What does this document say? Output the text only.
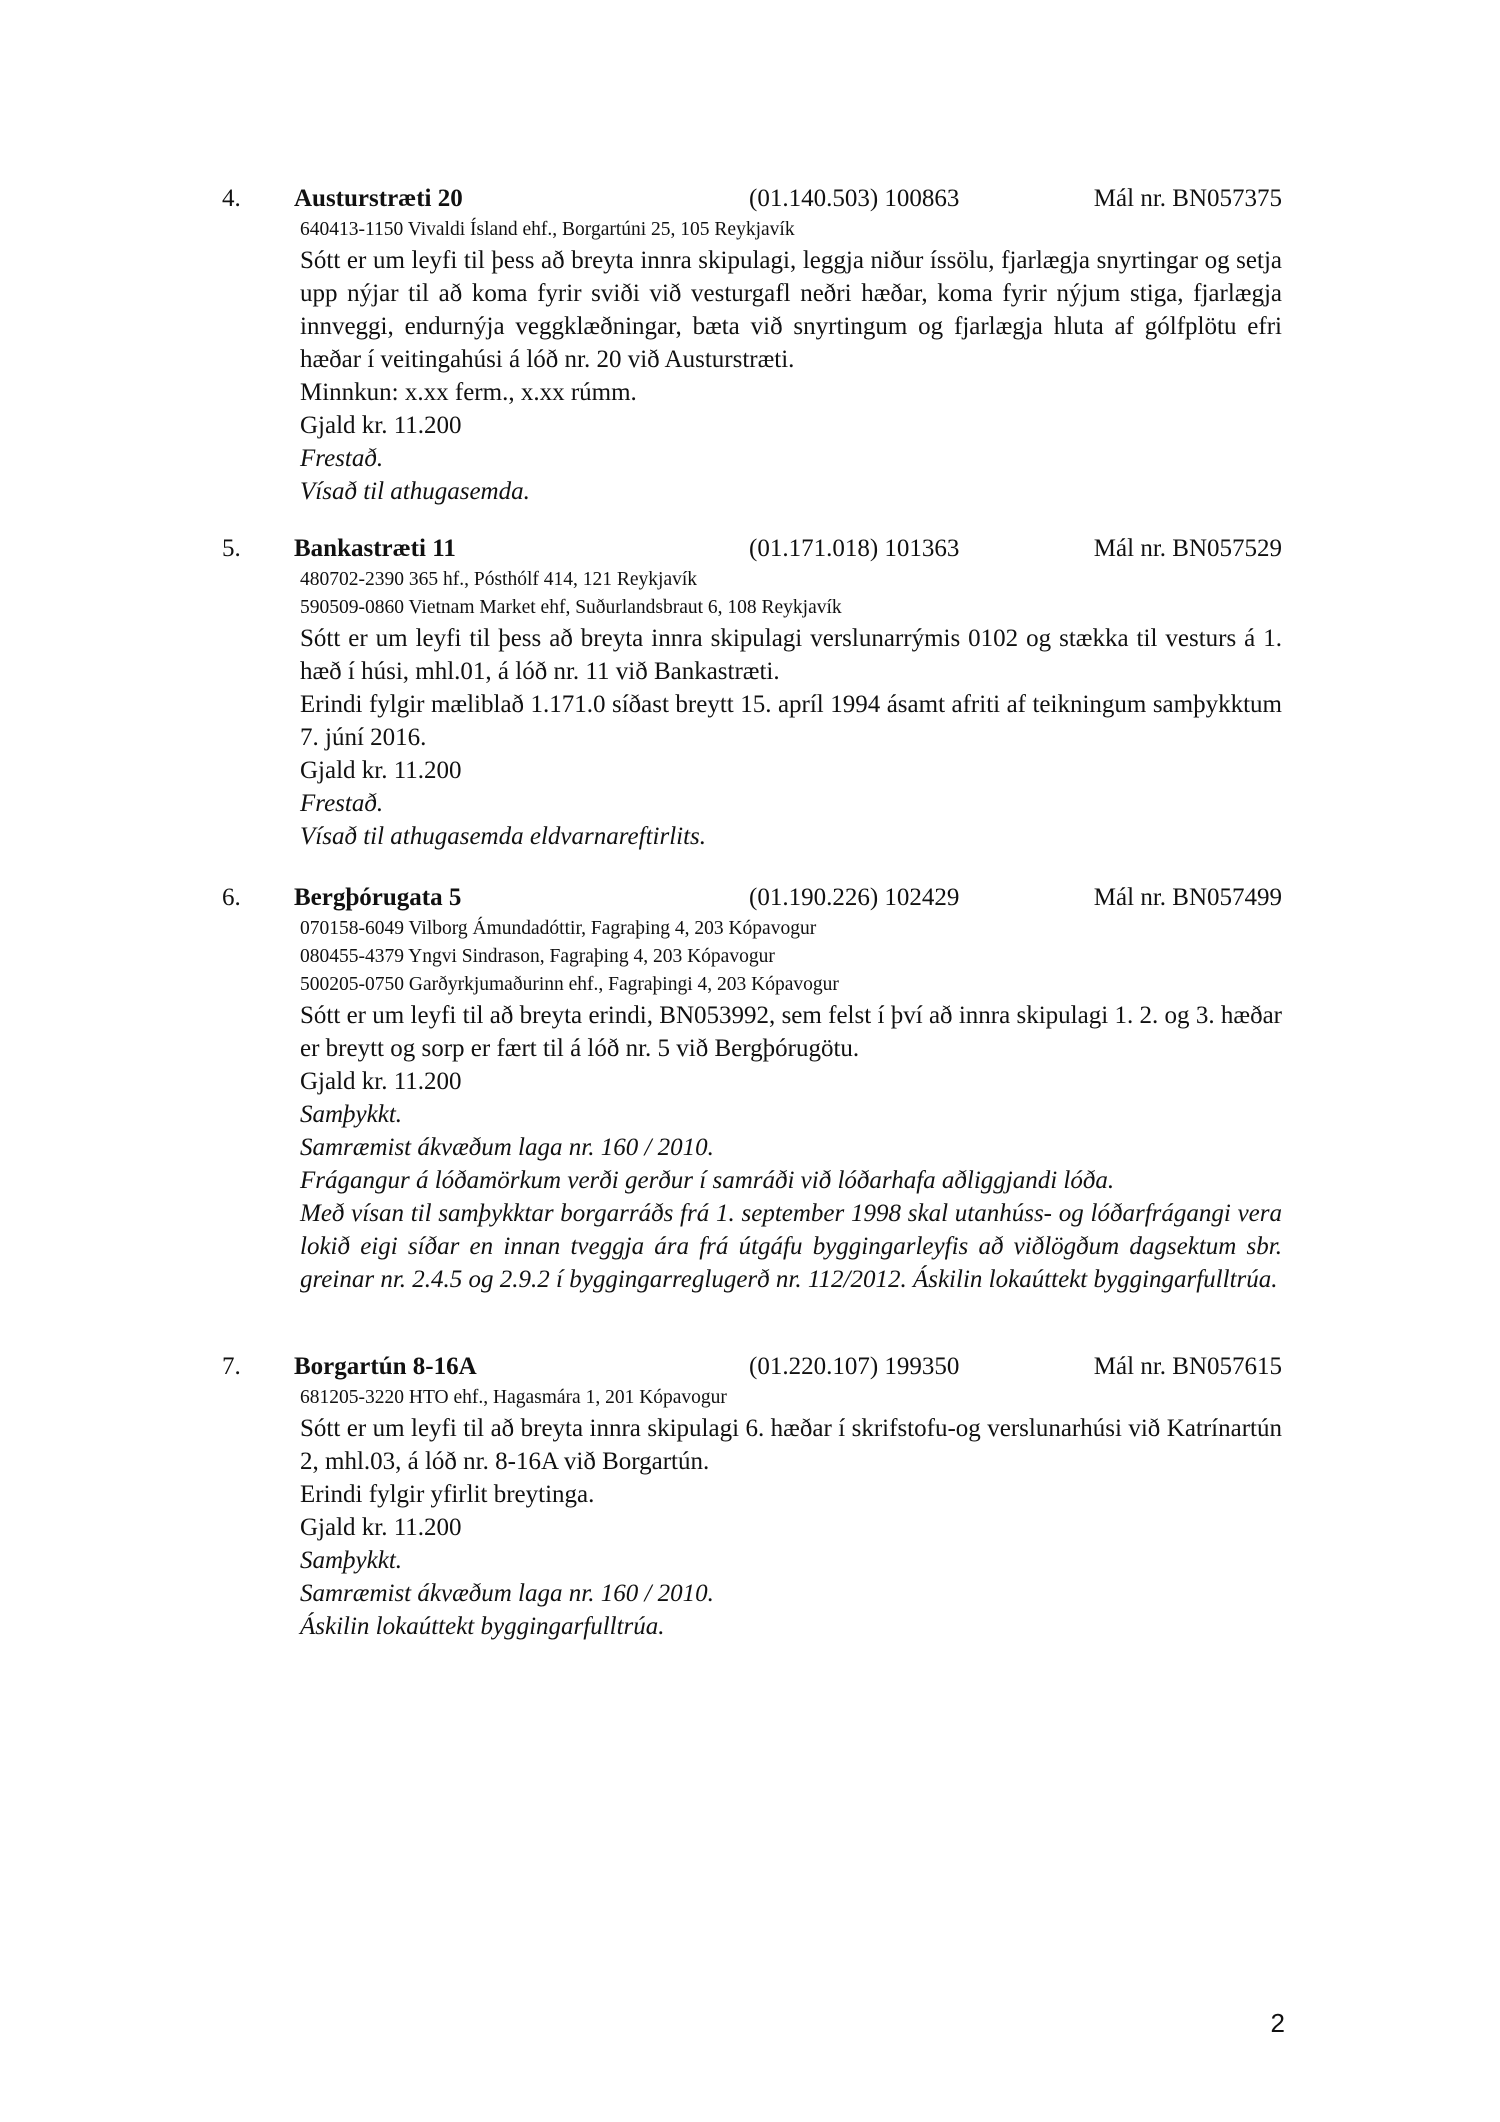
4. Austurstræti 20	(01.140.503) 100863	Mál nr. BN057375
640413-1150 Vivaldi Ísland ehf., Borgartúni 25, 105 Reykjavík
Sótt er um leyfi til þess að breyta innra skipulagi, leggja niður íssölu, fjarlægja snyrtingar og setja upp nýjar til að koma fyrir sviði við vesturgafl neðri hæðar, koma fyrir nýjum stiga, fjarlægja innveggi, endurnýja veggklæðningar, bæta við snyrtingum og fjarlægja hluta af gólfplötu efri hæðar í veitingahúsi á lóð nr. 20 við Austurstræti.
Minnkun: x.xx ferm., x.xx rúmm.
Gjald kr. 11.200
Frestað.
Vísað til athugasemda.
5. Bankastræti 11	(01.171.018) 101363	Mál nr. BN057529
480702-2390 365 hf., Pósthólf 414, 121 Reykjavík
590509-0860 Vietnam Market ehf, Suðurlandsbraut 6, 108 Reykjavík
Sótt er um leyfi til þess að breyta innra skipulagi verslunarrýmis 0102 og stækka til vesturs á 1. hæð í húsi, mhl.01, á lóð nr. 11 við Bankastræti.
Erindi fylgir mæliblað 1.171.0 síðast breytt 15. apríl 1994 ásamt afriti af teikningum samþykktum 7. júní 2016.
Gjald kr. 11.200
Frestað.
Vísað til athugasemda eldvarnareftirlits.
6. Bergþórugata 5	(01.190.226) 102429	Mál nr. BN057499
070158-6049 Vilborg Ámundadóttir, Fagraþing 4, 203 Kópavogur
080455-4379 Yngvi Sindrason, Fagraþing 4, 203 Kópavogur
500205-0750 Garðyrkjumaðurinn ehf., Fagraþingi 4, 203 Kópavogur
Sótt er um leyfi til að breyta erindi, BN053992, sem felst í því að innra skipulagi 1. 2. og 3. hæðar er breytt og sorp er fært til á lóð nr. 5 við Bergþórugötu.
Gjald kr. 11.200
Samþykkt.
Samræmist ákvæðum laga nr. 160 / 2010.
Frágangur á lóðamörkum verði gerður í samráði við lóðarhafa aðliggjandi lóða.
Með vísan til samþykktar borgarráðs frá 1. september 1998 skal utanhúss- og lóðarfrágangi vera lokið eigi síðar en innan tveggja ára frá útgáfu byggingarleyfis að viðlögðum dagsektum sbr. greinar nr. 2.4.5 og 2.9.2 í byggingarreglugerð nr. 112/2012. Áskilin lokaúttekt byggingarfulltrúa.
7. Borgartún 8-16A	(01.220.107) 199350	Mál nr. BN057615
681205-3220 HTO ehf., Hagasmára 1, 201 Kópavogur
Sótt er um leyfi til að breyta innra skipulagi 6. hæðar í skrifstofu-og verslunarhúsi við Katrínartún 2, mhl.03, á lóð nr. 8-16A við Borgartún.
Erindi fylgir yfirlit breytinga.
Gjald kr. 11.200
Samþykkt.
Samræmist ákvæðum laga nr. 160 / 2010.
Áskilin lokaúttekt byggingarfulltrúa.
2
